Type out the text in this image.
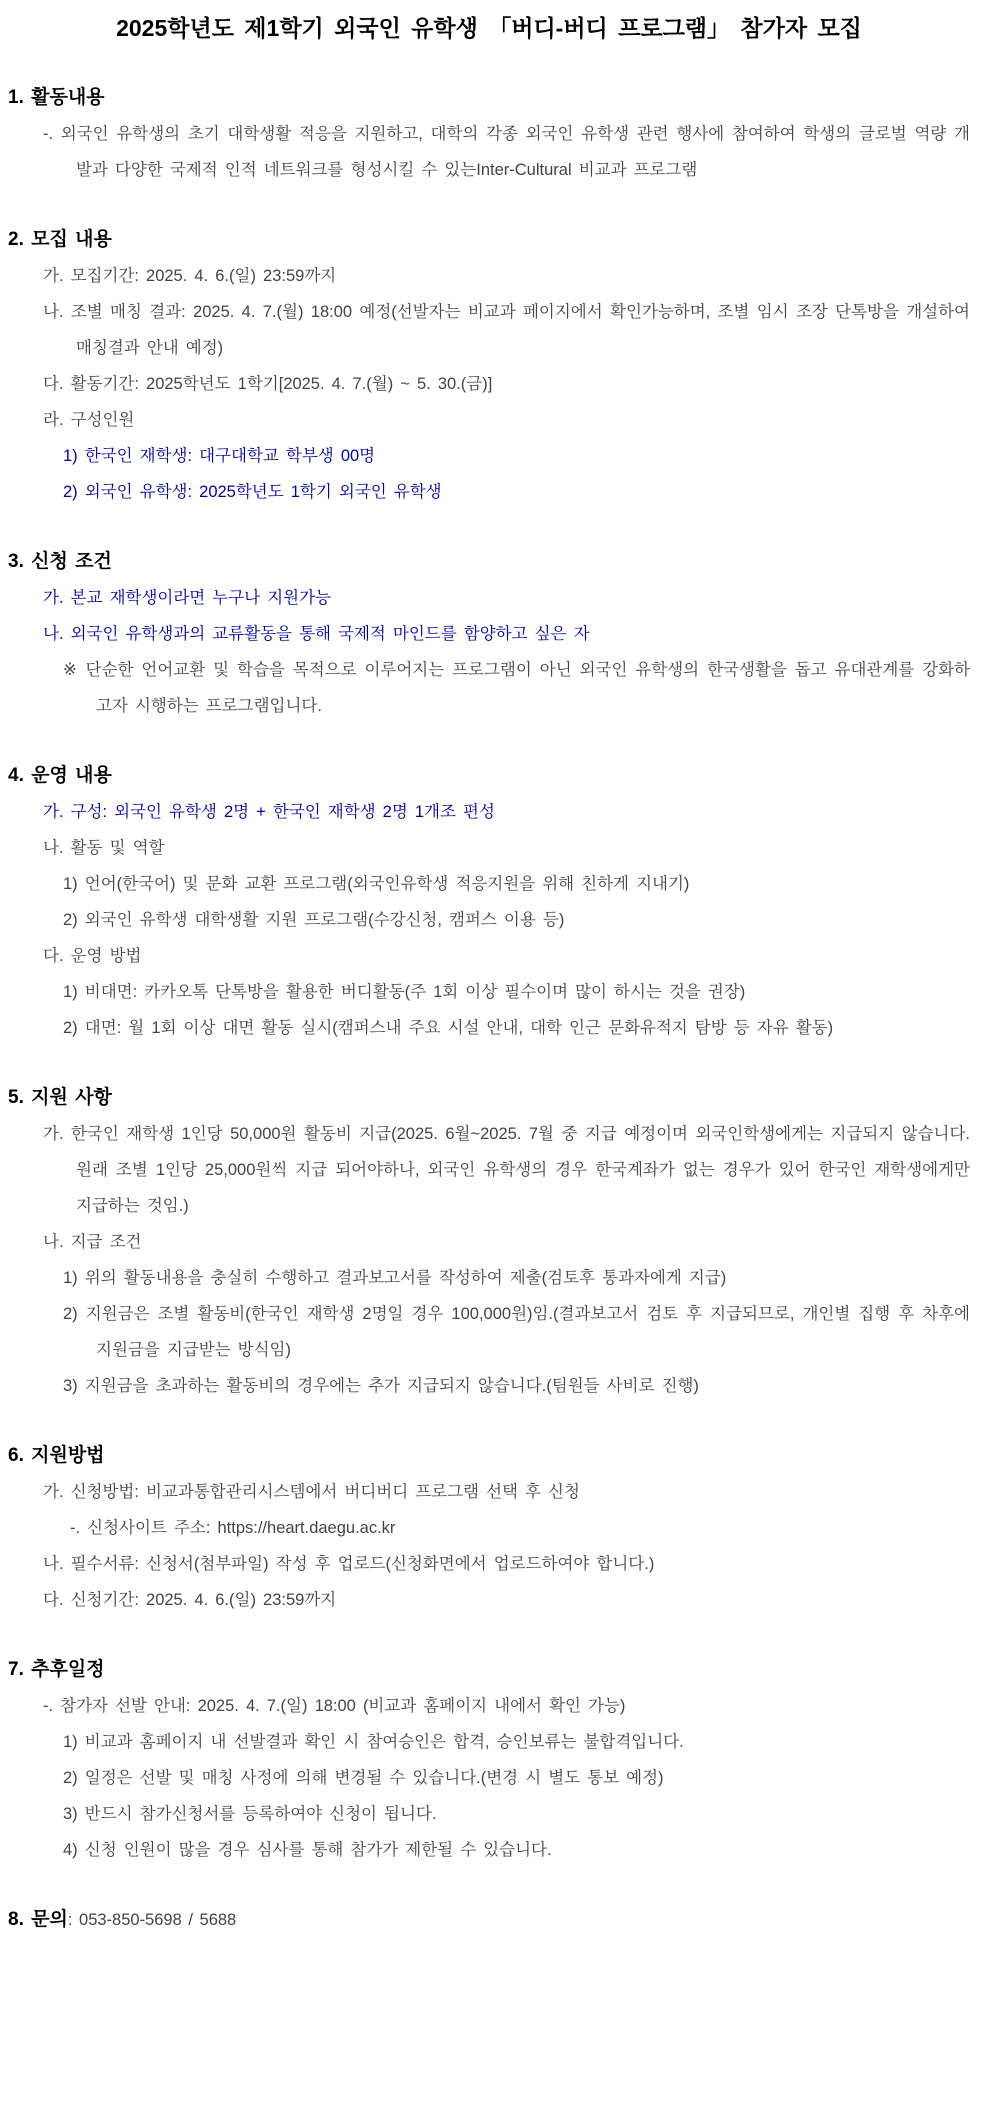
2025학년도 제1학기 외국인 유학생 「버디-버디 프로그램」 참가자 모집
1. 활동내용
-. 외국인 유학생의 초기 대학생활 적응을 지원하고, 대학의 각종 외국인 유학생 관련 행사에 참여하여 학생의 글로벌 역량 개발과 다양한 국제적 인적 네트워크를 형성시킬 수 있는Inter-Cultural 비교과 프로그램
2. 모집 내용
가. 모집기간: 2025. 4. 6.(일) 23:59까지
나. 조별 매칭 결과: 2025. 4. 7.(월) 18:00 예정(선발자는 비교과 페이지에서 확인가능하며, 조별 임시 조장 단톡방을 개설하여 매칭결과 안내 예정)
다. 활동기간: 2025학년도 1학기[2025. 4. 7.(월) ~ 5. 30.(금)]
라. 구성인원
1) 한국인 재학생: 대구대학교 학부생 00명
2) 외국인 유학생: 2025학년도 1학기 외국인 유학생
3. 신청 조건
가. 본교 재학생이라면 누구나 지원가능
나. 외국인 유학생과의 교류활동을 통해 국제적 마인드를 함양하고 싶은 자
※ 단순한 언어교환 및 학습을 목적으로 이루어지는 프로그램이 아닌 외국인 유학생의 한국생활을 돕고 유대관계를 강화하고자 시행하는 프로그램입니다.
4. 운영 내용
가. 구성: 외국인 유학생 2명 + 한국인 재학생 2명 1개조 편성
나. 활동 및 역할
1) 언어(한국어) 및 문화 교환 프로그램(외국인유학생 적응지원을 위해 친하게 지내기)
2) 외국인 유학생 대학생활 지원 프로그램(수강신청, 캠퍼스 이용 등)
다. 운영 방법
1) 비대면: 카카오톡 단톡방을 활용한 버디활동(주 1회 이상 필수이며 많이 하시는 것을 권장)
2) 대면: 월 1회 이상 대면 활동 실시(캠퍼스내 주요 시설 안내, 대학 인근 문화유적지 탐방 등 자유 활동)
5. 지원 사항
가. 한국인 재학생 1인당 50,000원 활동비 지급(2025. 6월~2025. 7월 중 지급 예정이며 외국인학생에게는 지급되지 않습니다. 원래 조별 1인당 25,000원씩 지급 되어야하나, 외국인 유학생의 경우 한국계좌가 없는 경우가 있어 한국인 재학생에게만 지급하는 것임.)
나. 지급 조건
1) 위의 활동내용을 충실히 수행하고 결과보고서를 작성하여 제출(검토후 통과자에게 지급)
2) 지원금은 조별 활동비(한국인 재학생 2명일 경우 100,000원)임.(결과보고서 검토 후 지급되므로, 개인별 집행 후 차후에 지원금을 지급받는 방식임)
3) 지원금을 초과하는 활동비의 경우에는 추가 지급되지 않습니다.(팀원들 사비로 진행)
6. 지원방법
가. 신청방법: 비교과통합관리시스템에서 버디버디 프로그램 선택 후 신청
-. 신청사이트 주소: https://heart.daegu.ac.kr
나. 필수서류: 신청서(첨부파일) 작성 후 업로드(신청화면에서 업로드하여야 합니다.)
다. 신청기간: 2025. 4. 6.(일) 23:59까지
7. 추후일정
-. 참가자 선발 안내: 2025. 4. 7.(일) 18:00 (비교과 홈페이지 내에서 확인 가능)
1) 비교과 홈페이지 내 선발결과 확인 시 참여승인은 합격, 승인보류는 불합격입니다.
2) 일정은 선발 및 매칭 사정에 의해 변경될 수 있습니다.(변경 시 별도 통보 예정)
3) 반드시 참가신청서를 등록하여야 신청이 됩니다.
4) 신청 인원이 많을 경우 심사를 통해 참가가 제한될 수 있습니다.
8. 문의: 053-850-5698 / 5688
